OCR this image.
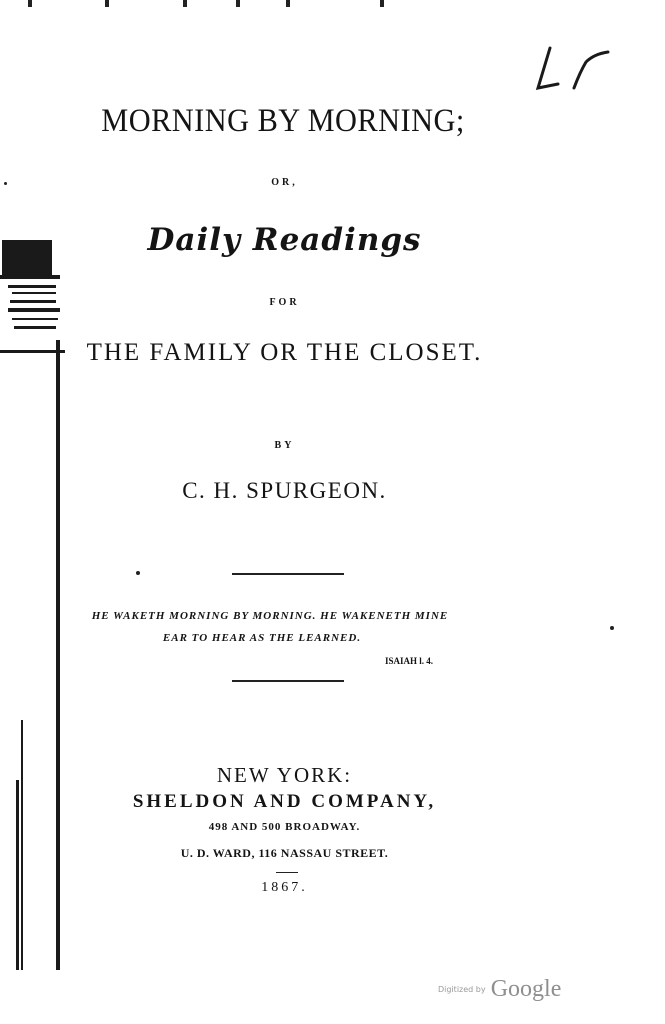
MORNING BY MORNING;
OR,
Daily Readings
FOR
THE FAMILY OR THE CLOSET.
BY
C. H. SPURGEON.
HE WAKETH MORNING BY MORNING. HE WAKENETH MINE
EAR TO HEAR AS THE LEARNED.
ISAIAH l. 4.
NEW YORK:
SHELDON AND COMPANY,
498 AND 500 BROADWAY.
U. D. WARD, 116 NASSAU STREET.
1867.
Digitized by Google
